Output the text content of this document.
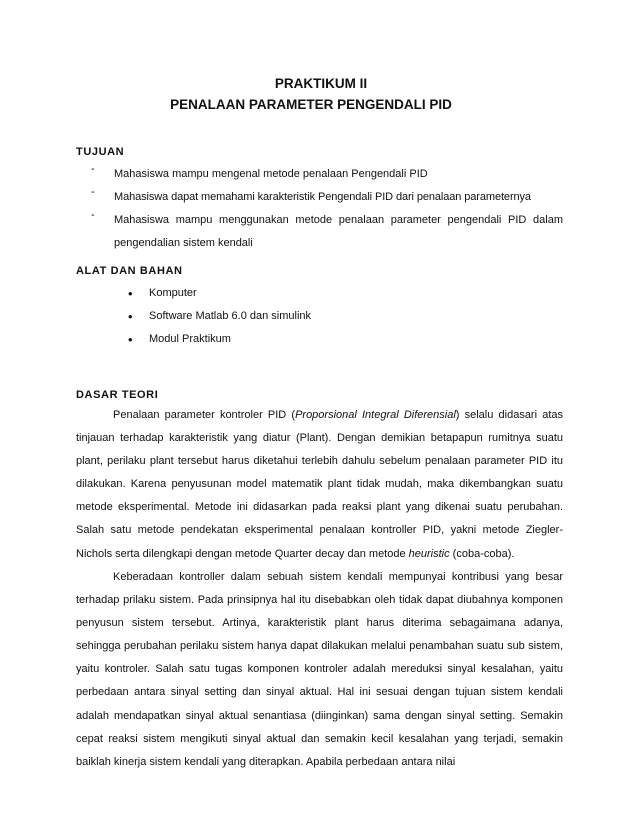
PRAKTIKUM II
PENALAAN PARAMETER PENGENDALI PID
TUJUAN
- Mahasiswa mampu mengenal metode penalaan Pengendali PID
- Mahasiswa dapat memahami karakteristik Pengendali PID dari penalaan parameternya
- Mahasiswa mampu menggunakan metode penalaan parameter pengendali PID dalam pengendalian sistem kendali
ALAT DAN BAHAN
• Komputer
• Software Matlab 6.0 dan simulink
• Modul Praktikum
DASAR TEORI
Penalaan parameter kontroler PID (Proporsional Integral Diferensial) selalu didasari atas tinjauan terhadap karakteristik yang diatur (Plant). Dengan demikian betapapun rumitnya suatu plant, perilaku plant tersebut harus diketahui terlebih dahulu sebelum penalaan parameter PID itu dilakukan. Karena penyusunan model matematik plant tidak mudah, maka dikembangkan suatu metode eksperimental. Metode ini didasarkan pada reaksi plant yang dikenai suatu perubahan. Salah satu metode pendekatan eksperimental penalaan kontroller PID, yakni metode Ziegler-Nichols serta dilengkapi dengan metode Quarter decay dan metode heuristic (coba-coba).
Keberadaan kontroller dalam sebuah sistem kendali mempunyai kontribusi yang besar terhadap prilaku sistem. Pada prinsipnya hal itu disebabkan oleh tidak dapat diubahnya komponen penyusun sistem tersebut. Artinya, karakteristik plant harus diterima sebagaimana adanya, sehingga perubahan perilaku sistem hanya dapat dilakukan melalui penambahan suatu sub sistem, yaitu kontroler. Salah satu tugas komponen kontroler adalah mereduksi sinyal kesalahan, yaitu perbedaan antara sinyal setting dan sinyal aktual. Hal ini sesuai dengan tujuan sistem kendali adalah mendapatkan sinyal aktual senantiasa (diinginkan) sama dengan sinyal setting. Semakin cepat reaksi sistem mengikuti sinyal aktual dan semakin kecil kesalahan yang terjadi, semakin baiklah kinerja sistem kendali yang diterapkan. Apabila perbedaan antara nilai
